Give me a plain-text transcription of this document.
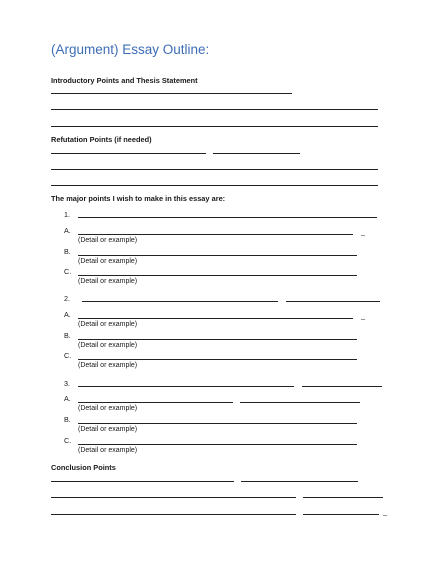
(Argument) Essay Outline:
Introductory Points and Thesis Statement
Refutation Points (if needed)
The major points I wish to make in this essay are:
1.
A.	_
(Detail or example)
B.
(Detail or example)
C.
(Detail or example)
2.
A.	_
(Detail or example)
B.
(Detail or example)
C.
(Detail or example)
3.
A.
(Detail or example)
B.
(Detail or example)
C.
(Detail or example)
Conclusion Points
_
